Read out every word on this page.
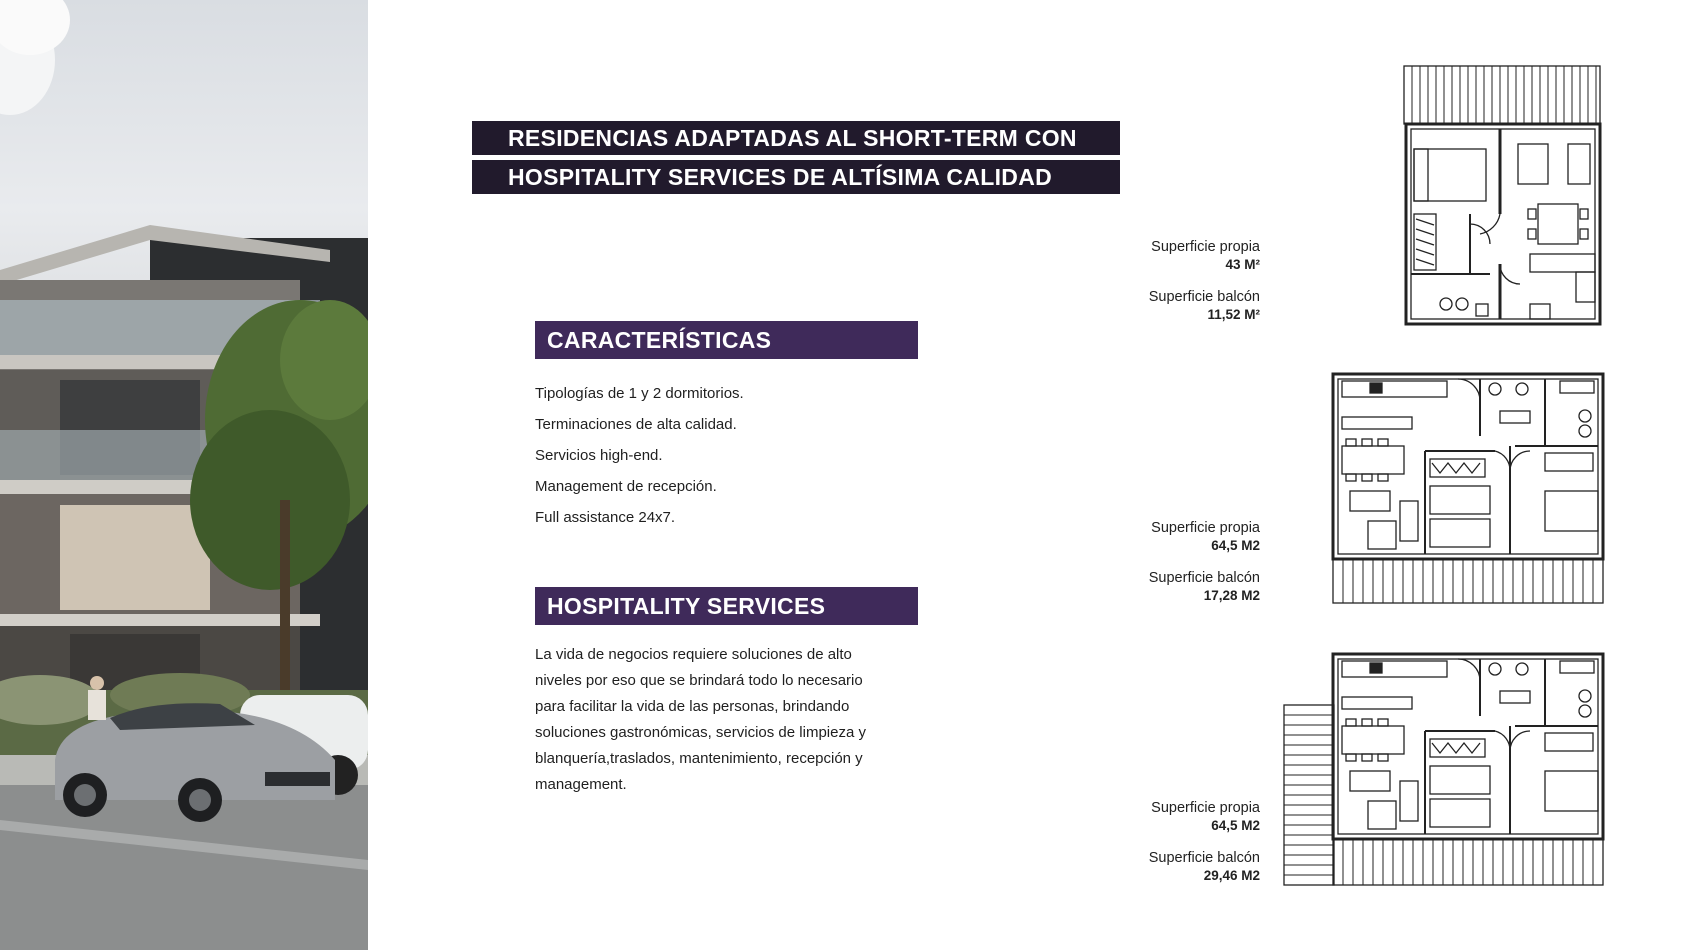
RESIDENCIAS ADAPTADAS AL SHORT-TERM CON
HOSPITALITY SERVICES DE ALTÍSIMA CALIDAD
CARACTERÍSTICAS
Tipologías de 1 y 2 dormitorios.
Terminaciones de alta calidad.
Servicios high-end.
Management de recepción.
Full assistance 24x7.
HOSPITALITY SERVICES
La vida de negocios requiere soluciones de alto
niveles por eso que se brindará todo lo necesario
para facilitar la vida de las personas, brindando
soluciones gastronómicas, servicios de limpieza y
blanquería,traslados, mantenimiento, recepción y
management.
Superficie propia
43 M²
Superficie balcón
11,52 M²
Superficie propia
64,5 M2
Superficie balcón
17,28 M2
Superficie propia
64,5 M2
Superficie balcón
29,46 M2
